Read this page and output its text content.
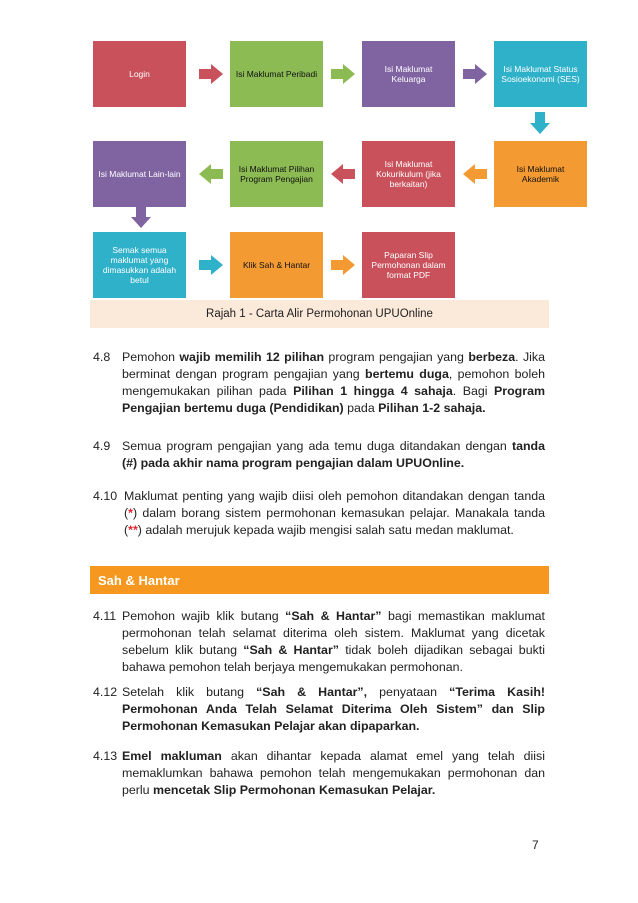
Login	Isi Maklumat Peribadi
Isi Maklumat Keluarga
Isi Maklumat Status Sosioekonomi (SES)
Isi Maklumat Lain-lain
Isi Maklumat Pilihan Program Pengajian
Isi Maklumat Kokurikulum (jika berkaitan)
Isi Maklumat Akademik
Semak semua maklumat yang dimasukkan adalah betul
Klik Sah & Hantar
Paparan Slip Permohonan dalam format PDF
Rajah 1 - Carta Alir Permohonan UPUOnline
4.8 Pemohon wajib memilih 12 pilihan program pengajian yang berbeza. Jika berminat dengan program pengajian yang bertemu duga, pemohon boleh mengemukakan pilihan pada Pilihan 1 hingga 4 sahaja. Bagi Program Pengajian bertemu duga (Pendidikan) pada Pilihan 1-2 sahaja.
4.9 Semua program pengajian yang ada temu duga ditandakan dengan tanda (#) pada akhir nama program pengajian dalam UPUOnline.
4.10 Maklumat penting yang wajib diisi oleh pemohon ditandakan dengan tanda (*) dalam borang sistem permohonan kemasukan pelajar. Manakala tanda (**) adalah merujuk kepada wajib mengisi salah satu medan maklumat.
Sah & Hantar
4.11 Pemohon wajib klik butang “Sah & Hantar” bagi memastikan maklumat permohonan telah selamat diterima oleh sistem. Maklumat yang dicetak sebelum klik butang “Sah & Hantar” tidak boleh dijadikan sebagai bukti bahawa pemohon telah berjaya mengemukakan permohonan.
4.12 Setelah klik butang “Sah & Hantar”, penyataan “Terima Kasih! Permohonan Anda Telah Selamat Diterima Oleh Sistem” dan Slip Permohonan Kemasukan Pelajar akan dipaparkan.
4.13 Emel makluman akan dihantar kepada alamat emel yang telah diisi memaklumkan bahawa pemohon telah mengemukakan permohonan dan perlu mencetak Slip Permohonan Kemasukan Pelajar.
7
